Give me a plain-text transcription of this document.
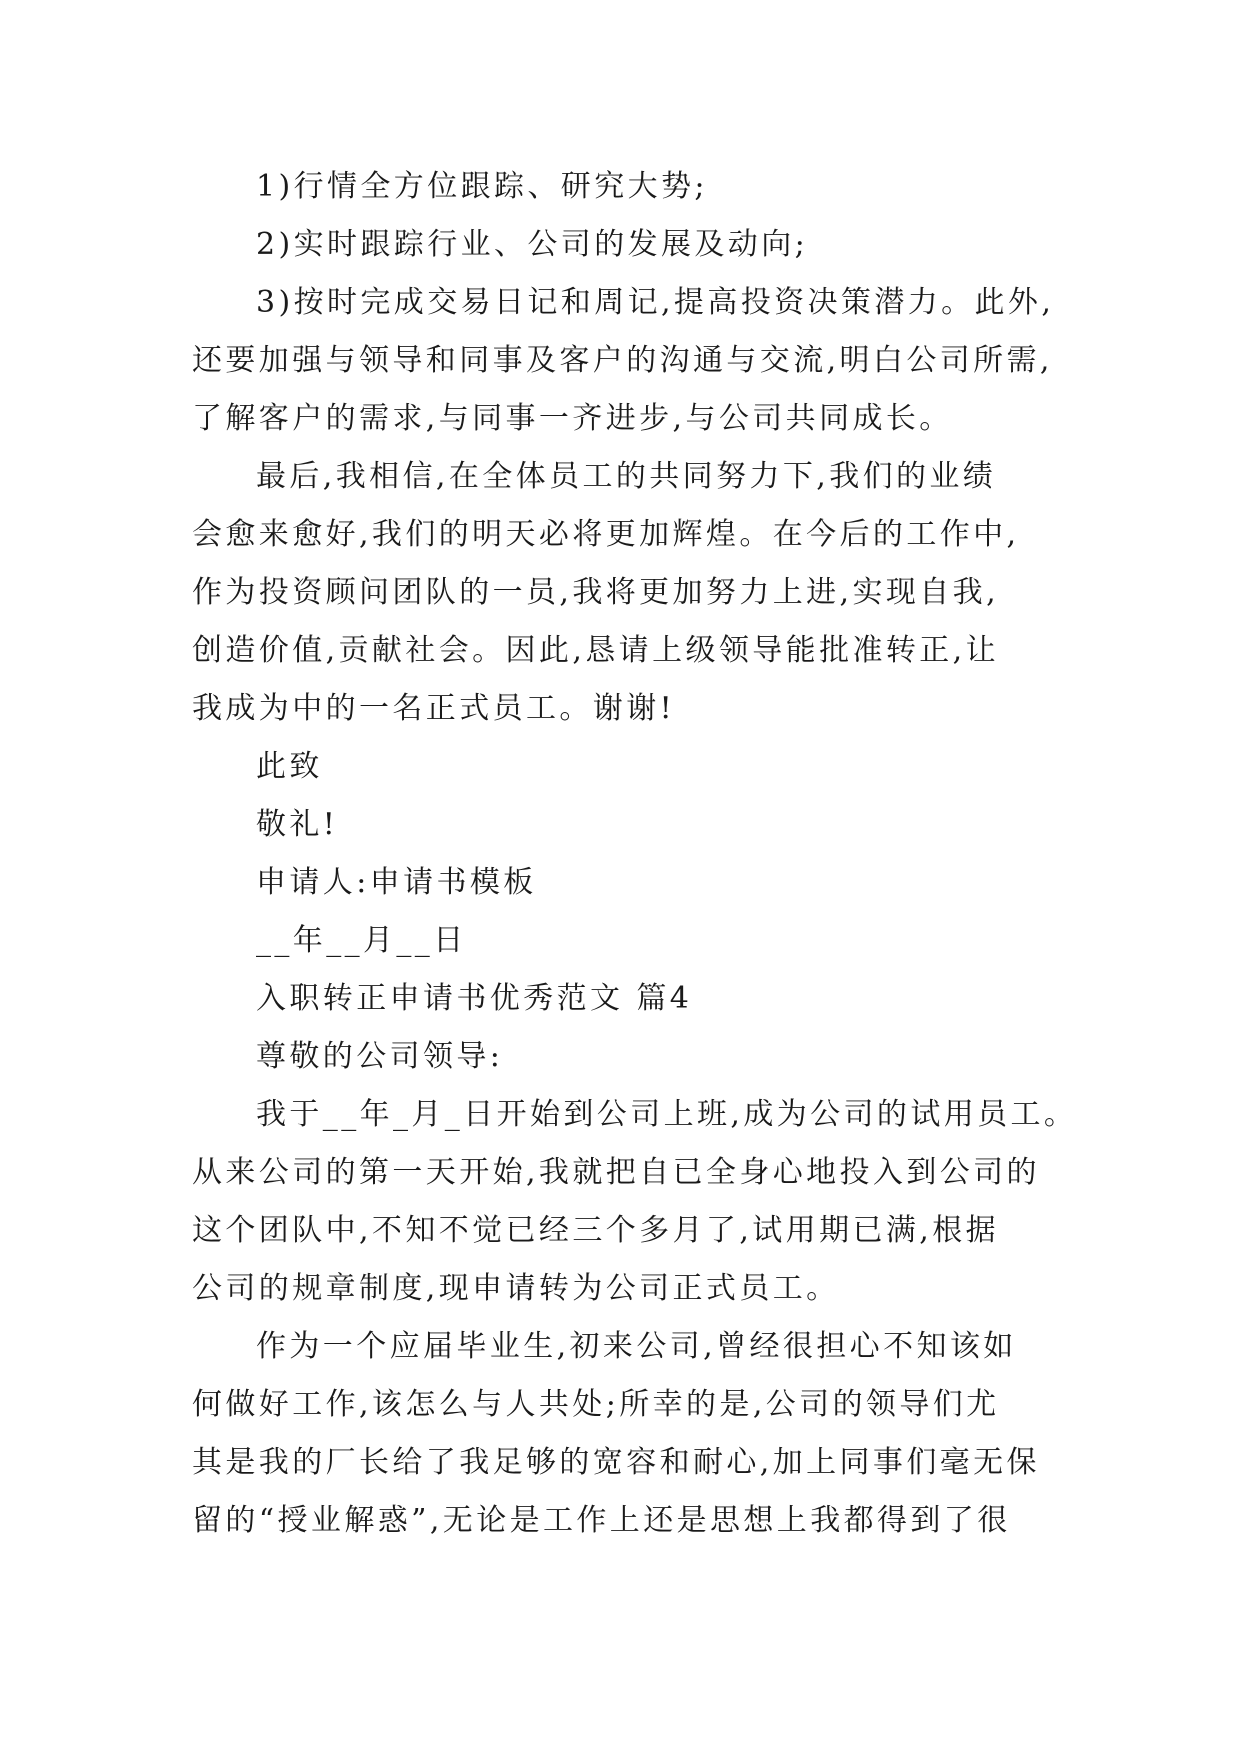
1)行情全方位跟踪、研究大势;
2)实时跟踪行业、公司的发展及动向;
3)按时完成交易日记和周记,提高投资决策潜力。此外,
还要加强与领导和同事及客户的沟通与交流,明白公司所需,
了解客户的需求,与同事一齐进步,与公司共同成长。
最后,我相信,在全体员工的共同努力下,我们的业绩
会愈来愈好,我们的明天必将更加辉煌。在今后的工作中,
作为投资顾问团队的一员,我将更加努力上进,实现自我,
创造价值,贡献社会。因此,恳请上级领导能批准转正,让
我成为中的一名正式员工。谢谢!
此致
敬礼!
申请人:申请书模板
__年__月__日
入职转正申请书优秀范文 篇4
尊敬的公司领导:
我于__年_月_日开始到公司上班,成为公司的试用员工。
从来公司的第一天开始,我就把自已全身心地投入到公司的
这个团队中,不知不觉已经三个多月了,试用期已满,根据
公司的规章制度,现申请转为公司正式员工。
作为一个应届毕业生,初来公司,曾经很担心不知该如
何做好工作,该怎么与人共处;所幸的是,公司的领导们尤
其是我的厂长给了我足够的宽容和耐心,加上同事们毫无保
留的“授业解惑”,无论是工作上还是思想上我都得到了很
